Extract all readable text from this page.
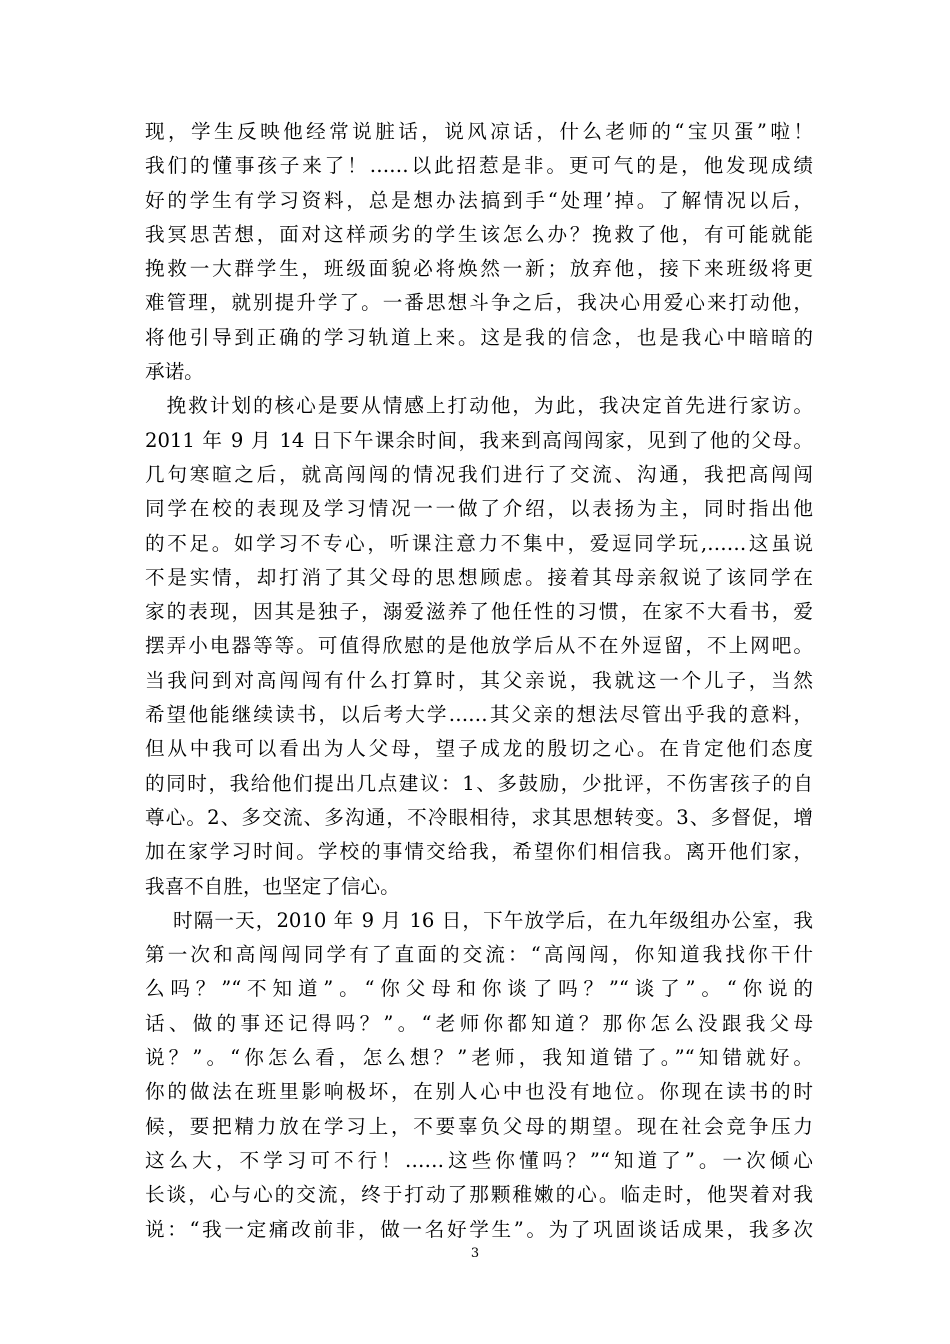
现，学生反映他经常说脏话，说风凉话，什么老师的“宝贝蛋”啦！
我们的懂事孩子来了！……以此招惹是非。更可气的是，他发现成绩
好的学生有学习资料，总是想办法搞到手“处理’掉。了解情况以后，
我冥思苦想，面对这样顽劣的学生该怎么办？挽救了他，有可能就能
挽救一大群学生，班级面貌必将焕然一新；放弃他，接下来班级将更
难管理，就别提升学了。一番思想斗争之后，我决心用爱心来打动他，
将他引导到正确的学习轨道上来。这是我的信念，也是我心中暗暗的
承诺。
　挽救计划的核心是要从情感上打动他，为此，我决定首先进行家访。
2011 年 9 月 14 日下午课余时间，我来到高闯闯家，见到了他的父母。
几句寒暄之后，就高闯闯的情况我们进行了交流、沟通，我把高闯闯
同学在校的表现及学习情况一一做了介绍，以表扬为主，同时指出他
的不足。如学习不专心，听课注意力不集中，爱逗同学玩,……这虽说
不是实情，却打消了其父母的思想顾虑。接着其母亲叙说了该同学在
家的表现，因其是独子，溺爱滋养了他任性的习惯，在家不大看书，爱
摆弄小电器等等。可值得欣慰的是他放学后从不在外逗留，不上网吧。
当我问到对高闯闯有什么打算时，其父亲说，我就这一个儿子，当然
希望他能继续读书，以后考大学……其父亲的想法尽管出乎我的意料，
但从中我可以看出为人父母，望子成龙的殷切之心。在肯定他们态度
的同时，我给他们提出几点建议：1、多鼓励，少批评，不伤害孩子的自
尊心。2、多交流、多沟通，不冷眼相待，求其思想转变。3、多督促，增
加在家学习时间。学校的事情交给我，希望你们相信我。离开他们家，
我喜不自胜，也坚定了信心。
　 时隔一天，2010 年 9 月 16 日，下午放学后，在九年级组办公室，我
第一次和高闯闯同学有了直面的交流：“高闯闯，你知道我找你干什
么吗？”“不知道”。“你父母和你谈了吗？”“谈了”。“你说的
话、做的事还记得吗？”。“老师你都知道？那你怎么没跟我父母
说？”。“你怎么看，怎么想？”老师，我知道错了。”“知错就好。
你的做法在班里影响极坏，在别人心中也没有地位。你现在读书的时
候，要把精力放在学习上，不要辜负父母的期望。现在社会竞争压力
这么大，不学习可不行！……这些你懂吗？”“知道了”。一次倾心
长谈，心与心的交流，终于打动了那颗稚嫩的心。临走时，他哭着对我
说：“我一定痛改前非，做一名好学生”。为了巩固谈话成果，我多次
3
